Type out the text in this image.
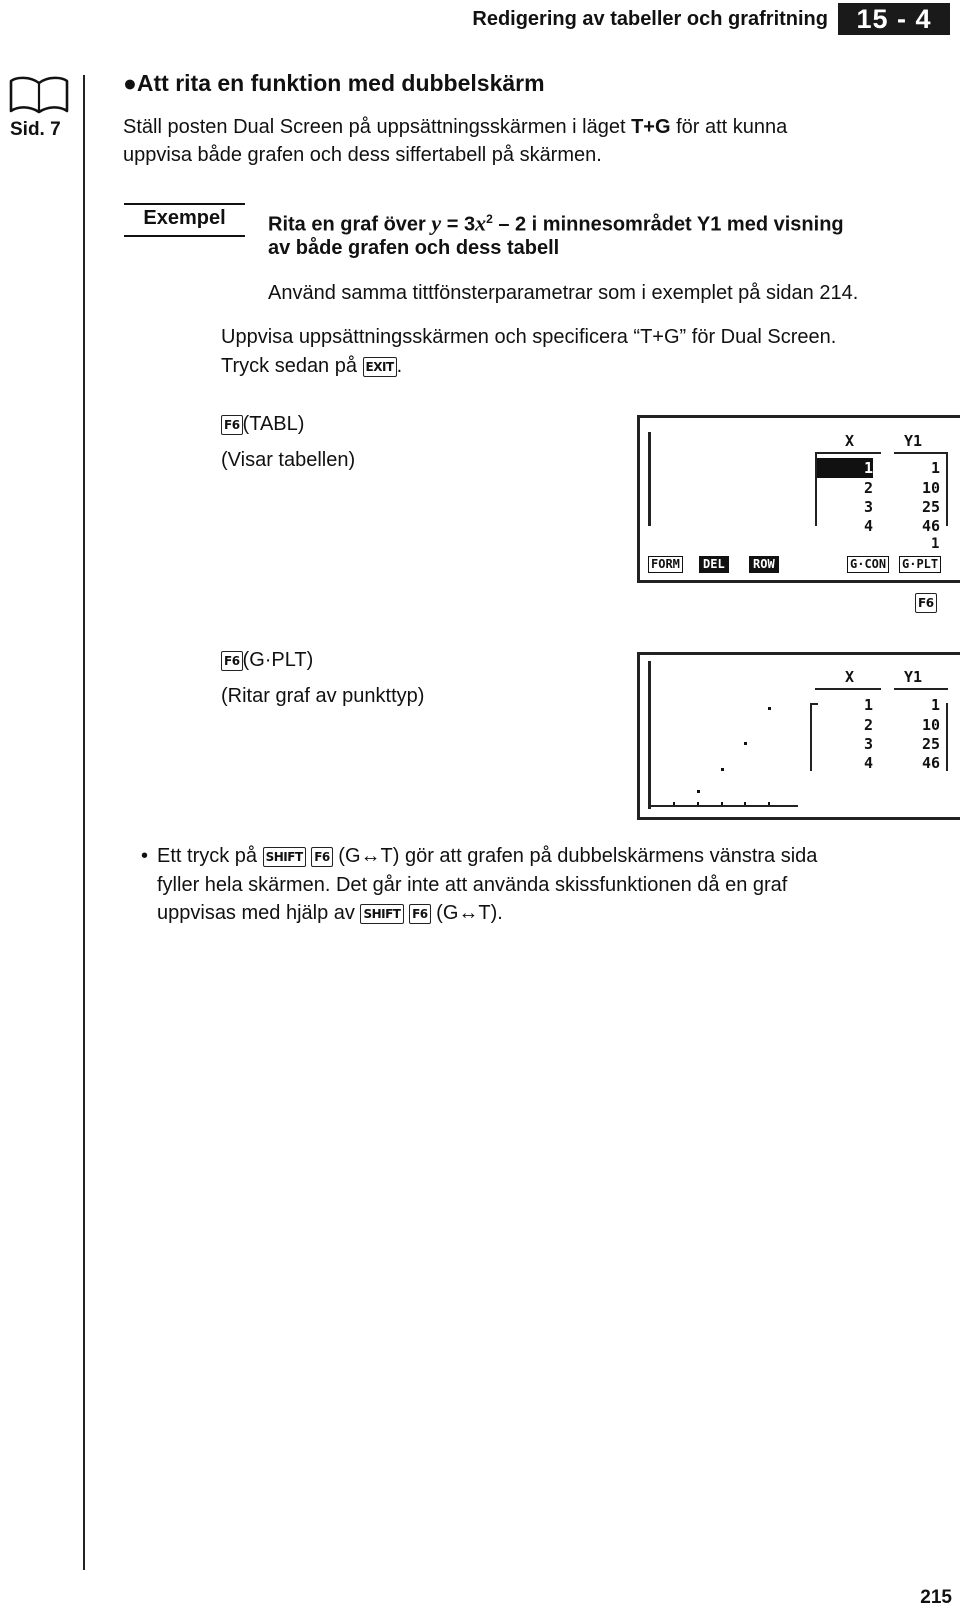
Redigering av tabeller och grafritning	15 - 4
Sid. 7
●Att rita en funktion med dubbelskärm
Ställ posten Dual Screen på uppsättningsskärmen i läget T+G för att kunna
uppvisa både grafen och dess siffertabell på skärmen.
Exempel	Rita en graf över $y = 3x^2 - 2$ i minnesområdet Y1 med visning
av både grafen och dess tabell
Använd samma tittfönsterparametrar som i exemplet på sidan 214.
Uppvisa uppsättningsskärmen och specificera “T+G” för Dual Screen.
Tryck sedan på EXIT .
F6 (TABL)
(Visar tabellen)
F6 (G·PLT)
(Ritar graf av punkttyp)
X	Y1
1	1
2	10
3	25
4	46
1
FORM	DEL	ROW	G·CON G·PLT
F6
X	Y1
1	1
2	10
3	25
4	46
• Ett tryck på SHIFT F6 (G↔T) gör att grafen på dubbelskärmens vänstra sida
fyller hela skärmen. Det går inte att använda skissfunktionen då en graf
uppvisas med hjälp av SHIFT F6 (G↔T).
215
